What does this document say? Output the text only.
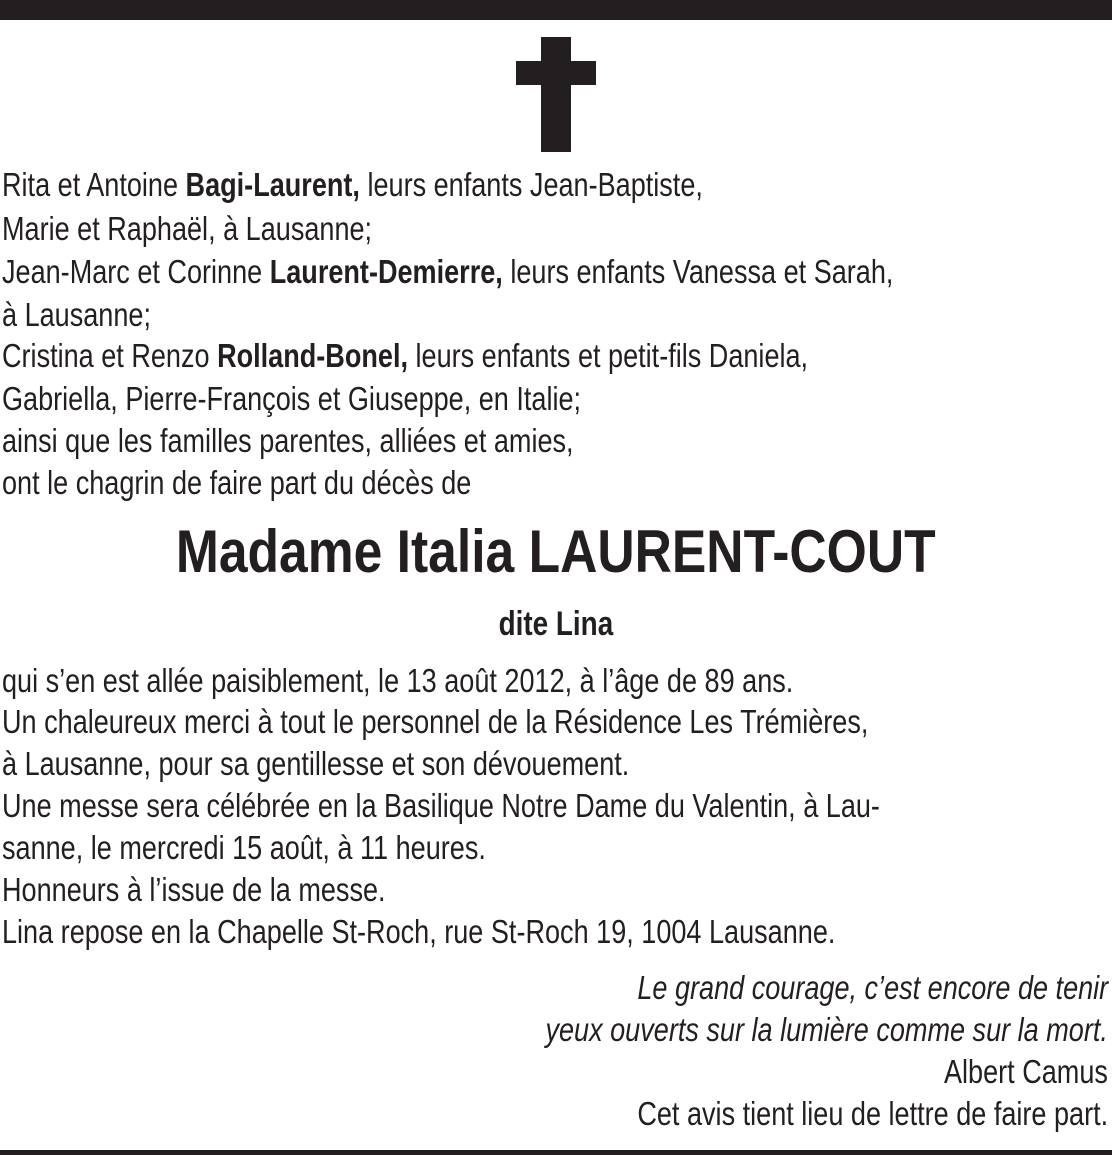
Rita et Antoine Bagi-Laurent, leurs enfants Jean-Baptiste,
Marie et Raphaël, à Lausanne;
Jean-Marc et Corinne Laurent-Demierre, leurs enfants Vanessa et Sarah,
à Lausanne;
Cristina et Renzo Rolland-Bonel, leurs enfants et petit-fils Daniela,
Gabriella, Pierre-François et Giuseppe, en Italie;
ainsi que les familles parentes, alliées et amies,
ont le chagrin de faire part du décès de
Madame Italia LAURENT-COUT
dite Lina
qui s’en est allée paisiblement, le 13 août 2012, à l’âge de 89 ans.
Un chaleureux merci à tout le personnel de la Résidence Les Trémières,
à Lausanne, pour sa gentillesse et son dévouement.
Une messe sera célébrée en la Basilique Notre Dame du Valentin, à Lau-
sanne, le mercredi 15 août, à 11 heures.
Honneurs à l’issue de la messe.
Lina repose en la Chapelle St-Roch, rue St-Roch 19, 1004 Lausanne.
Le grand courage, c’est encore de tenir
yeux ouverts sur la lumière comme sur la mort.
Albert Camus
Cet avis tient lieu de lettre de faire part.
